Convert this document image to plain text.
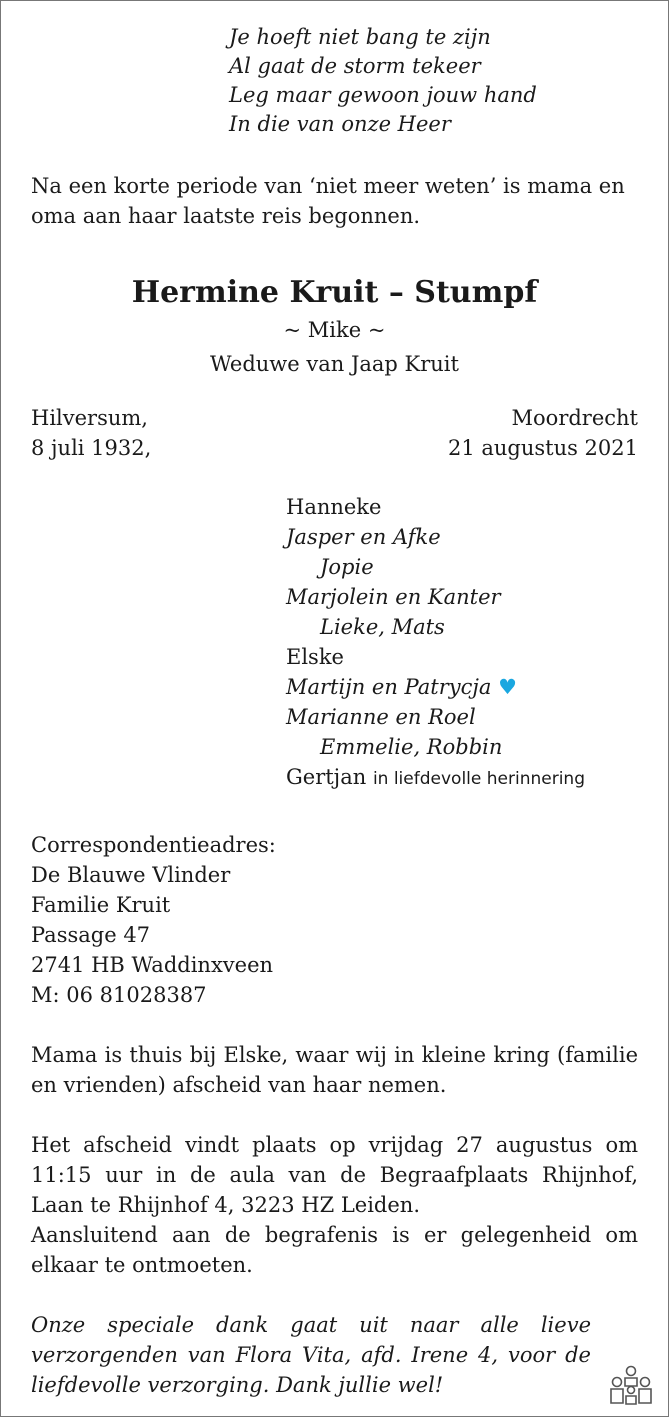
Je hoeft niet bang te zijn
Al gaat de storm tekeer
Leg maar gewoon jouw hand
In die van onze Heer
Na een korte periode van ‘niet meer weten’ is mama en oma aan haar laatste reis begonnen.
Hermine Kruit – Stumpf
~ Mike ~
Weduwe van Jaap Kruit
Hilversum,
8 juli 1932,
Moordrecht
21 augustus 2021
Hanneke
Jasper en Afke
Jopie
Marjolein en Kanter
Lieke, Mats
Elske
Martijn en Patrycja ♥
Marianne en Roel
Emmelie, Robbin
Gertjan in liefdevolle herinnering
Correspondentieadres:
De Blauwe Vlinder
Familie Kruit
Passage 47
2741 HB Waddinxveen
M: 06 81028387
Mama is thuis bij Elske, waar wij in kleine kring (familie en vrienden) afscheid van haar nemen.
Het afscheid vindt plaats op vrijdag 27 augustus om 11:15 uur in de aula van de Begraafplaats Rhijnhof, Laan te Rhijnhof 4, 3223 HZ Leiden.
Aansluitend aan de begrafenis is er gelegenheid om elkaar te ontmoeten.
Onze speciale dank gaat uit naar alle lieve verzorgenden van Flora Vita, afd. Irene 4, voor de liefdevolle verzorging. Dank jullie wel!
